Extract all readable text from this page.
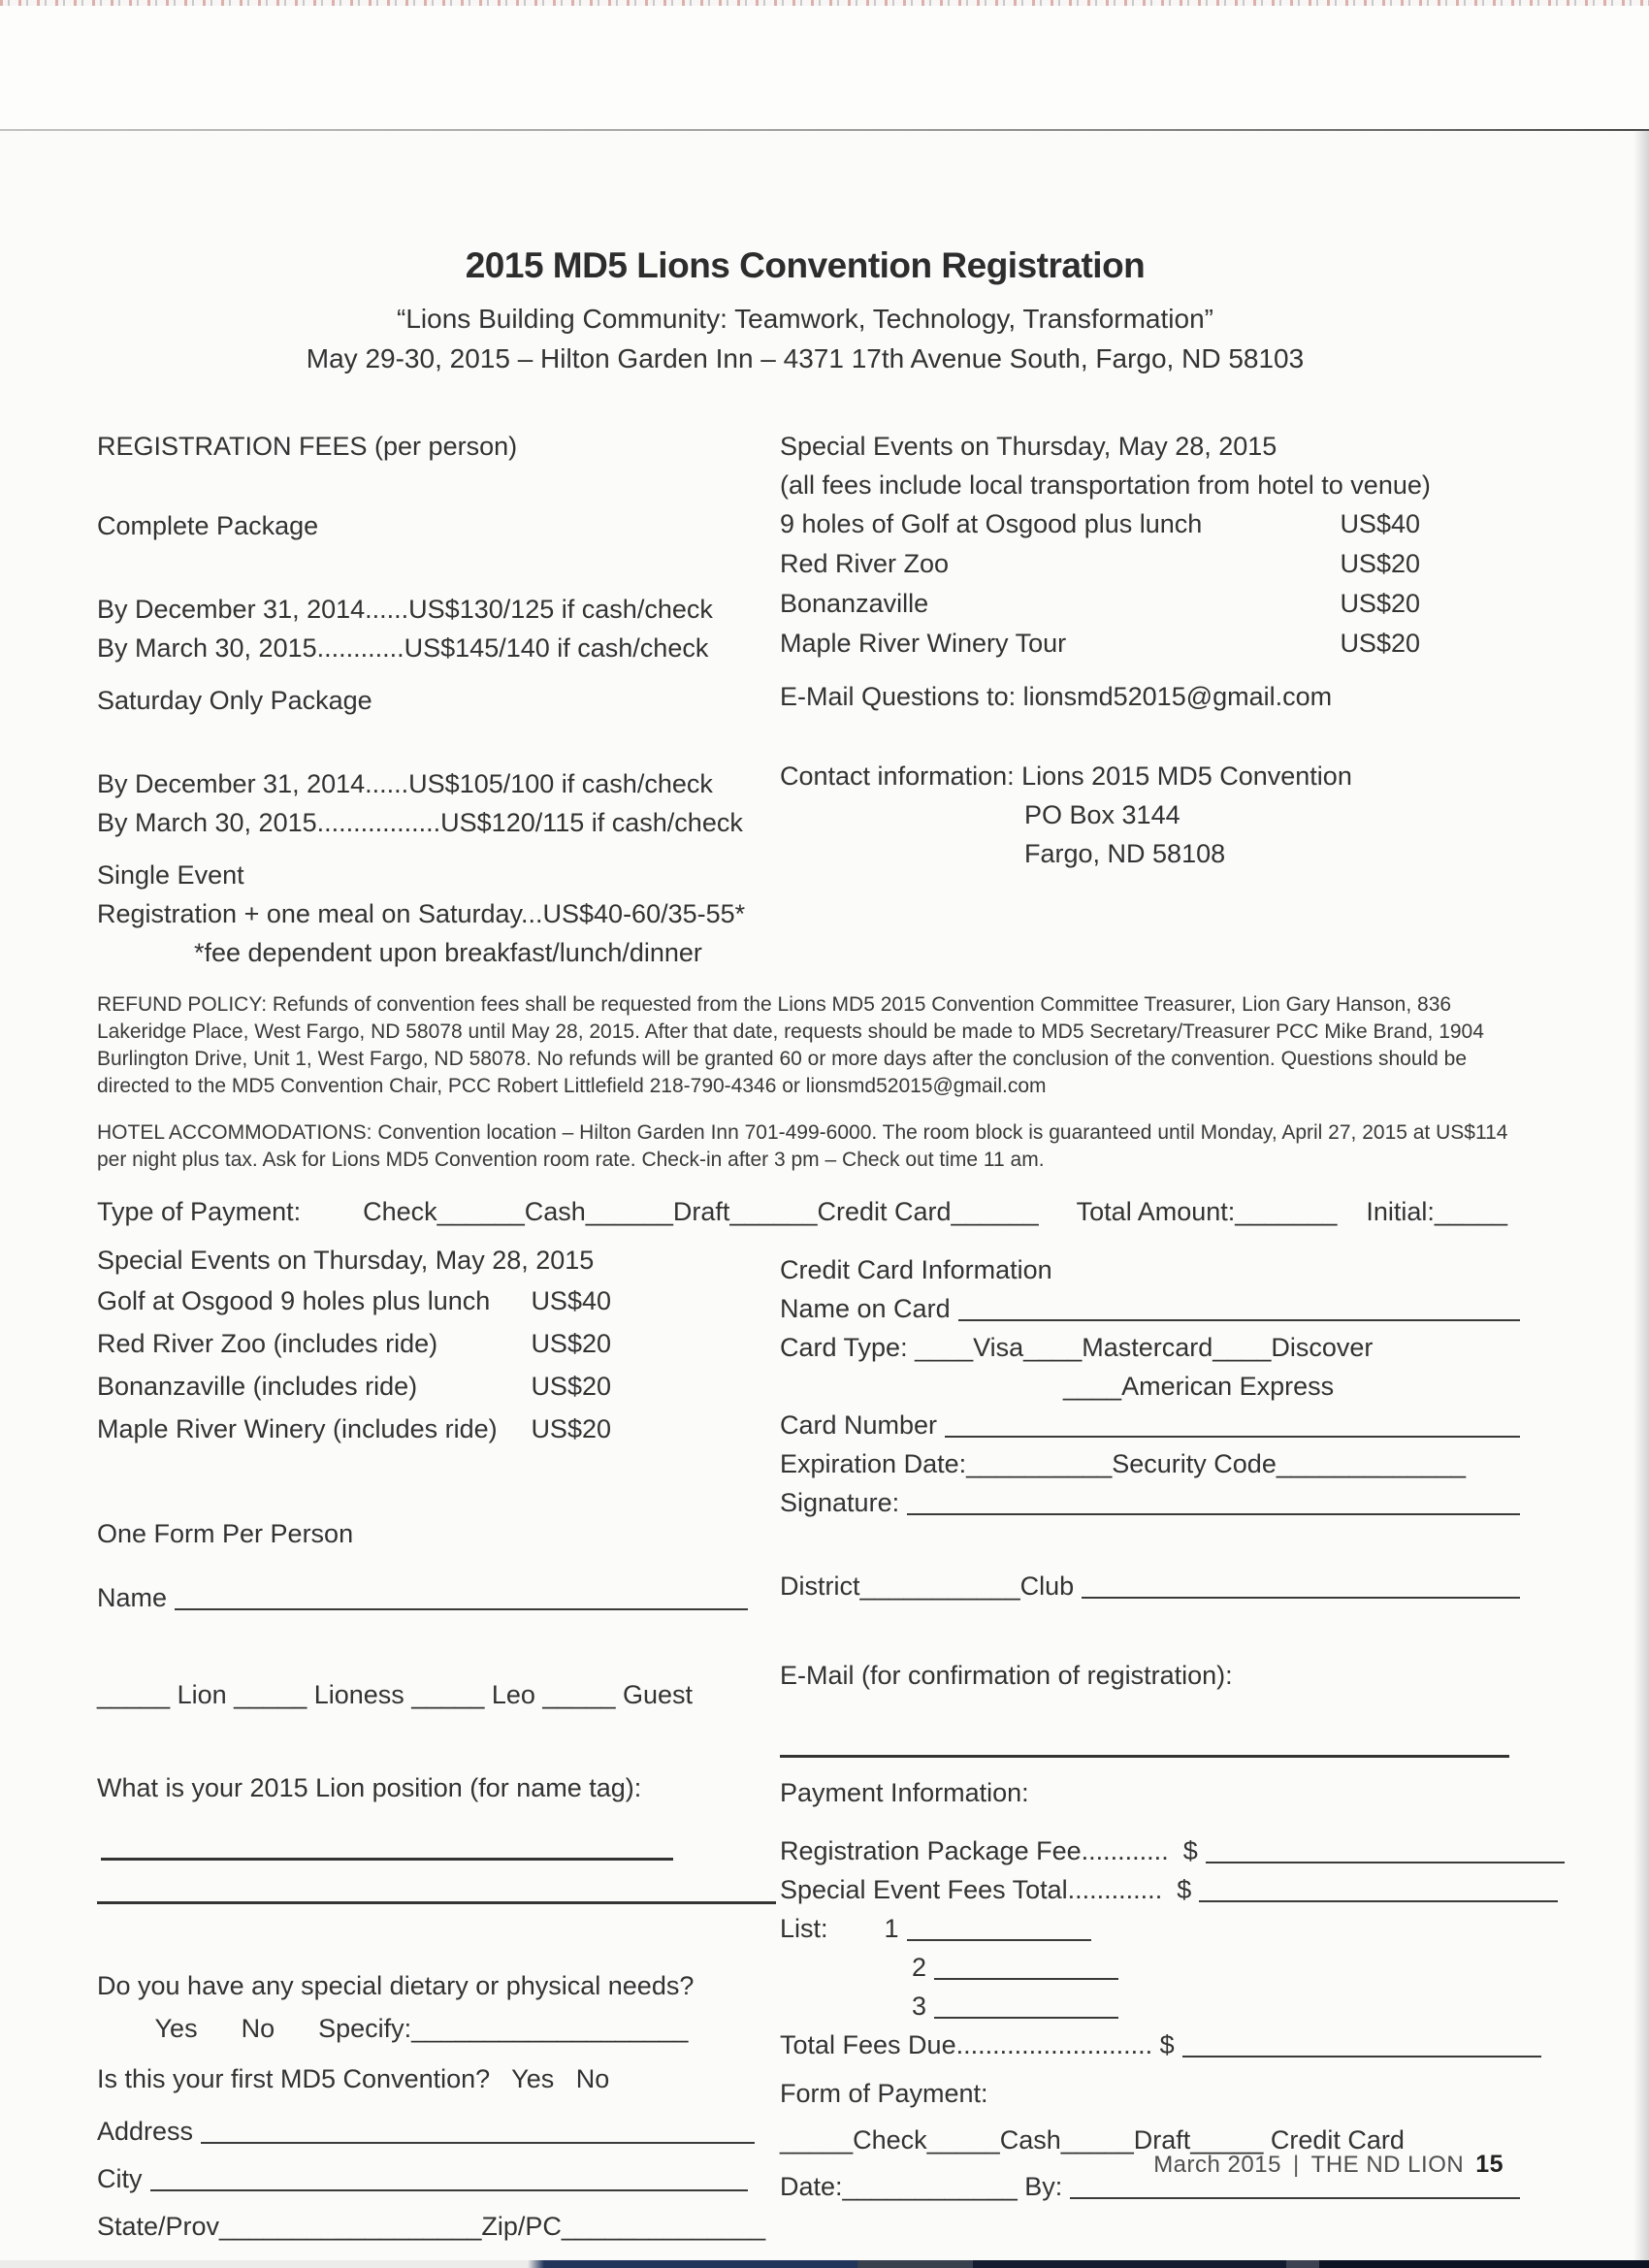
2015 MD5 Lions Convention Registration

“Lions Building Community: Teamwork, Technology, Transformation”

May 29-30, 2015 – Hilton Garden Inn – 4371 17th Avenue South, Fargo, ND 58103

REGISTRATION FEES (per person)

Complete Package

By December 31, 2014......US$130/125 if cash/check

By March 30, 2015............US$145/140 if cash/check

Saturday Only Package

By December 31, 2014......US$105/100 if cash/check

By March 30, 2015.................US$120/115 if cash/check

Single Event

Registration + one meal on Saturday...US$40-60/35-55*

*fee dependent upon breakfast/lunch/dinner

Special Events on Thursday, May 28, 2015

(all fees include local transportation from hotel to venue)

9 holes of Golf at Osgood plus lunch	US$40
Red River Zoo	US$20
Bonanzaville	US$20
Maple River Winery Tour	US$20

E-Mail Questions to: lionsmd52015@gmail.com

Contact information: Lions 2015 MD5 Convention

PO Box 3144

Fargo, ND 58108

REFUND POLICY: Refunds of convention fees shall be requested from the Lions MD5 2015 Convention Committee Treasurer, Lion Gary Hanson, 836 Lakeridge Place, West Fargo, ND 58078 until May 28, 2015. After that date, requests should be made to MD5 Secretary/Treasurer PCC Mike Brand, 1904 Burlington Drive, Unit 1, West Fargo, ND 58078. No refunds will be granted 60 or more days after the conclusion of the convention. Questions should be directed to the MD5 Convention Chair, PCC Robert Littlefield 218-790-4346 or lionsmd52015@gmail.com

HOTEL ACCOMMODATIONS: Convention location – Hilton Garden Inn 701-499-6000. The room block is guaranteed until Monday, April 27, 2015 at US$114 per night plus tax. Ask for Lions MD5 Convention room rate. Check-in after 3 pm – Check out time 11 am.

Type of Payment: Check______Cash______Draft______Credit Card______ Total Amount:_______ Initial:_____

Special Events on Thursday, May 28, 2015

Golf at Osgood 9 holes plus lunch US$40
Red River Zoo (includes ride)	US$20
Bonanzaville (includes ride)	US$20
Maple River Winery (includes ride) US$20

One Form Per Person

Name

_____ Lion _____ Lioness _____ Leo _____ Guest

What is your 2015 Lion position (for name tag):

Do you have any special dietary or physical needs?

Yes      No      Specify:___________________

Is this your first MD5 Convention?   Yes   No

Address
City

State/Prov__________________Zip/PC______________

Credit Card Information

Name on Card

Card Type: ____Visa____Mastercard____Discover

____American Express

Card Number

Expiration Date:__________Security Code_____________

Signature:
District___________Club

E-Mail (for confirmation of registration):

Payment Information:

Registration Package Fee............  $
Special Event Fees Total.............  $
List: 1
2
3
Total Fees Due........................... $

Form of Payment:

_____Check_____Cash_____Draft_____ Credit Card

Date:____________ By:
March 2015 | THE ND LION 15
